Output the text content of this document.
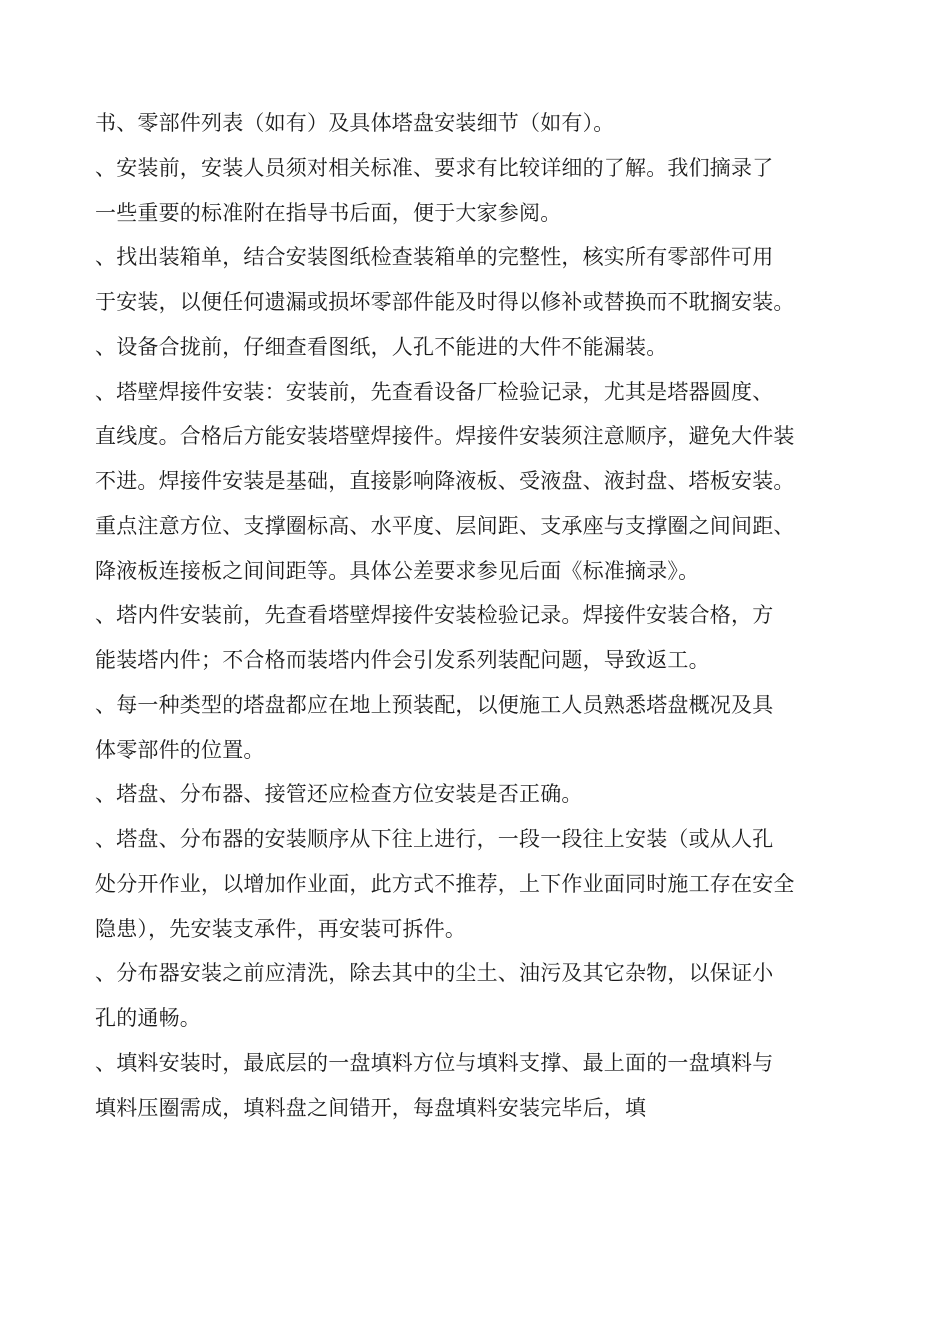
书、零部件列表（如有）及具体塔盘安装细节（如有）。
、安装前，安装人员须对相关标准、要求有比较详细的了解。我们摘录了
一些重要的标准附在指导书后面，便于大家参阅。
、找出装箱单，结合安装图纸检查装箱单的完整性，核实所有零部件可用
于安装，以便任何遗漏或损坏零部件能及时得以修补或替换而不耽搁安装。
、设备合拢前，仔细查看图纸，人孔不能进的大件不能漏装。
、塔壁焊接件安装：安装前，先查看设备厂检验记录，尤其是塔器圆度、
直线度。合格后方能安装塔壁焊接件。焊接件安装须注意顺序，避免大件装
不进。焊接件安装是基础，直接影响降液板、受液盘、液封盘、塔板安装。
重点注意方位、支撑圈标高、水平度、层间距、支承座与支撑圈之间间距、
降液板连接板之间间距等。具体公差要求参见后面《标准摘录》。
、塔内件安装前，先查看塔壁焊接件安装检验记录。焊接件安装合格，方
能装塔内件；不合格而装塔内件会引发系列装配问题，导致返工。
、每一种类型的塔盘都应在地上预装配，以便施工人员熟悉塔盘概况及具
体零部件的位置。
、塔盘、分布器、接管还应检查方位安装是否正确。
、塔盘、分布器的安装顺序从下往上进行，一段一段往上安装（或从人孔
处分开作业，以增加作业面，此方式不推荐，上下作业面同时施工存在安全
隐患），先安装支承件，再安装可拆件。
、分布器安装之前应清洗，除去其中的尘土、油污及其它杂物，以保证小
孔的通畅。
、填料安装时，最底层的一盘填料方位与填料支撑、最上面的一盘填料与
填料压圈需成，填料盘之间错开，每盘填料安装完毕后，填
